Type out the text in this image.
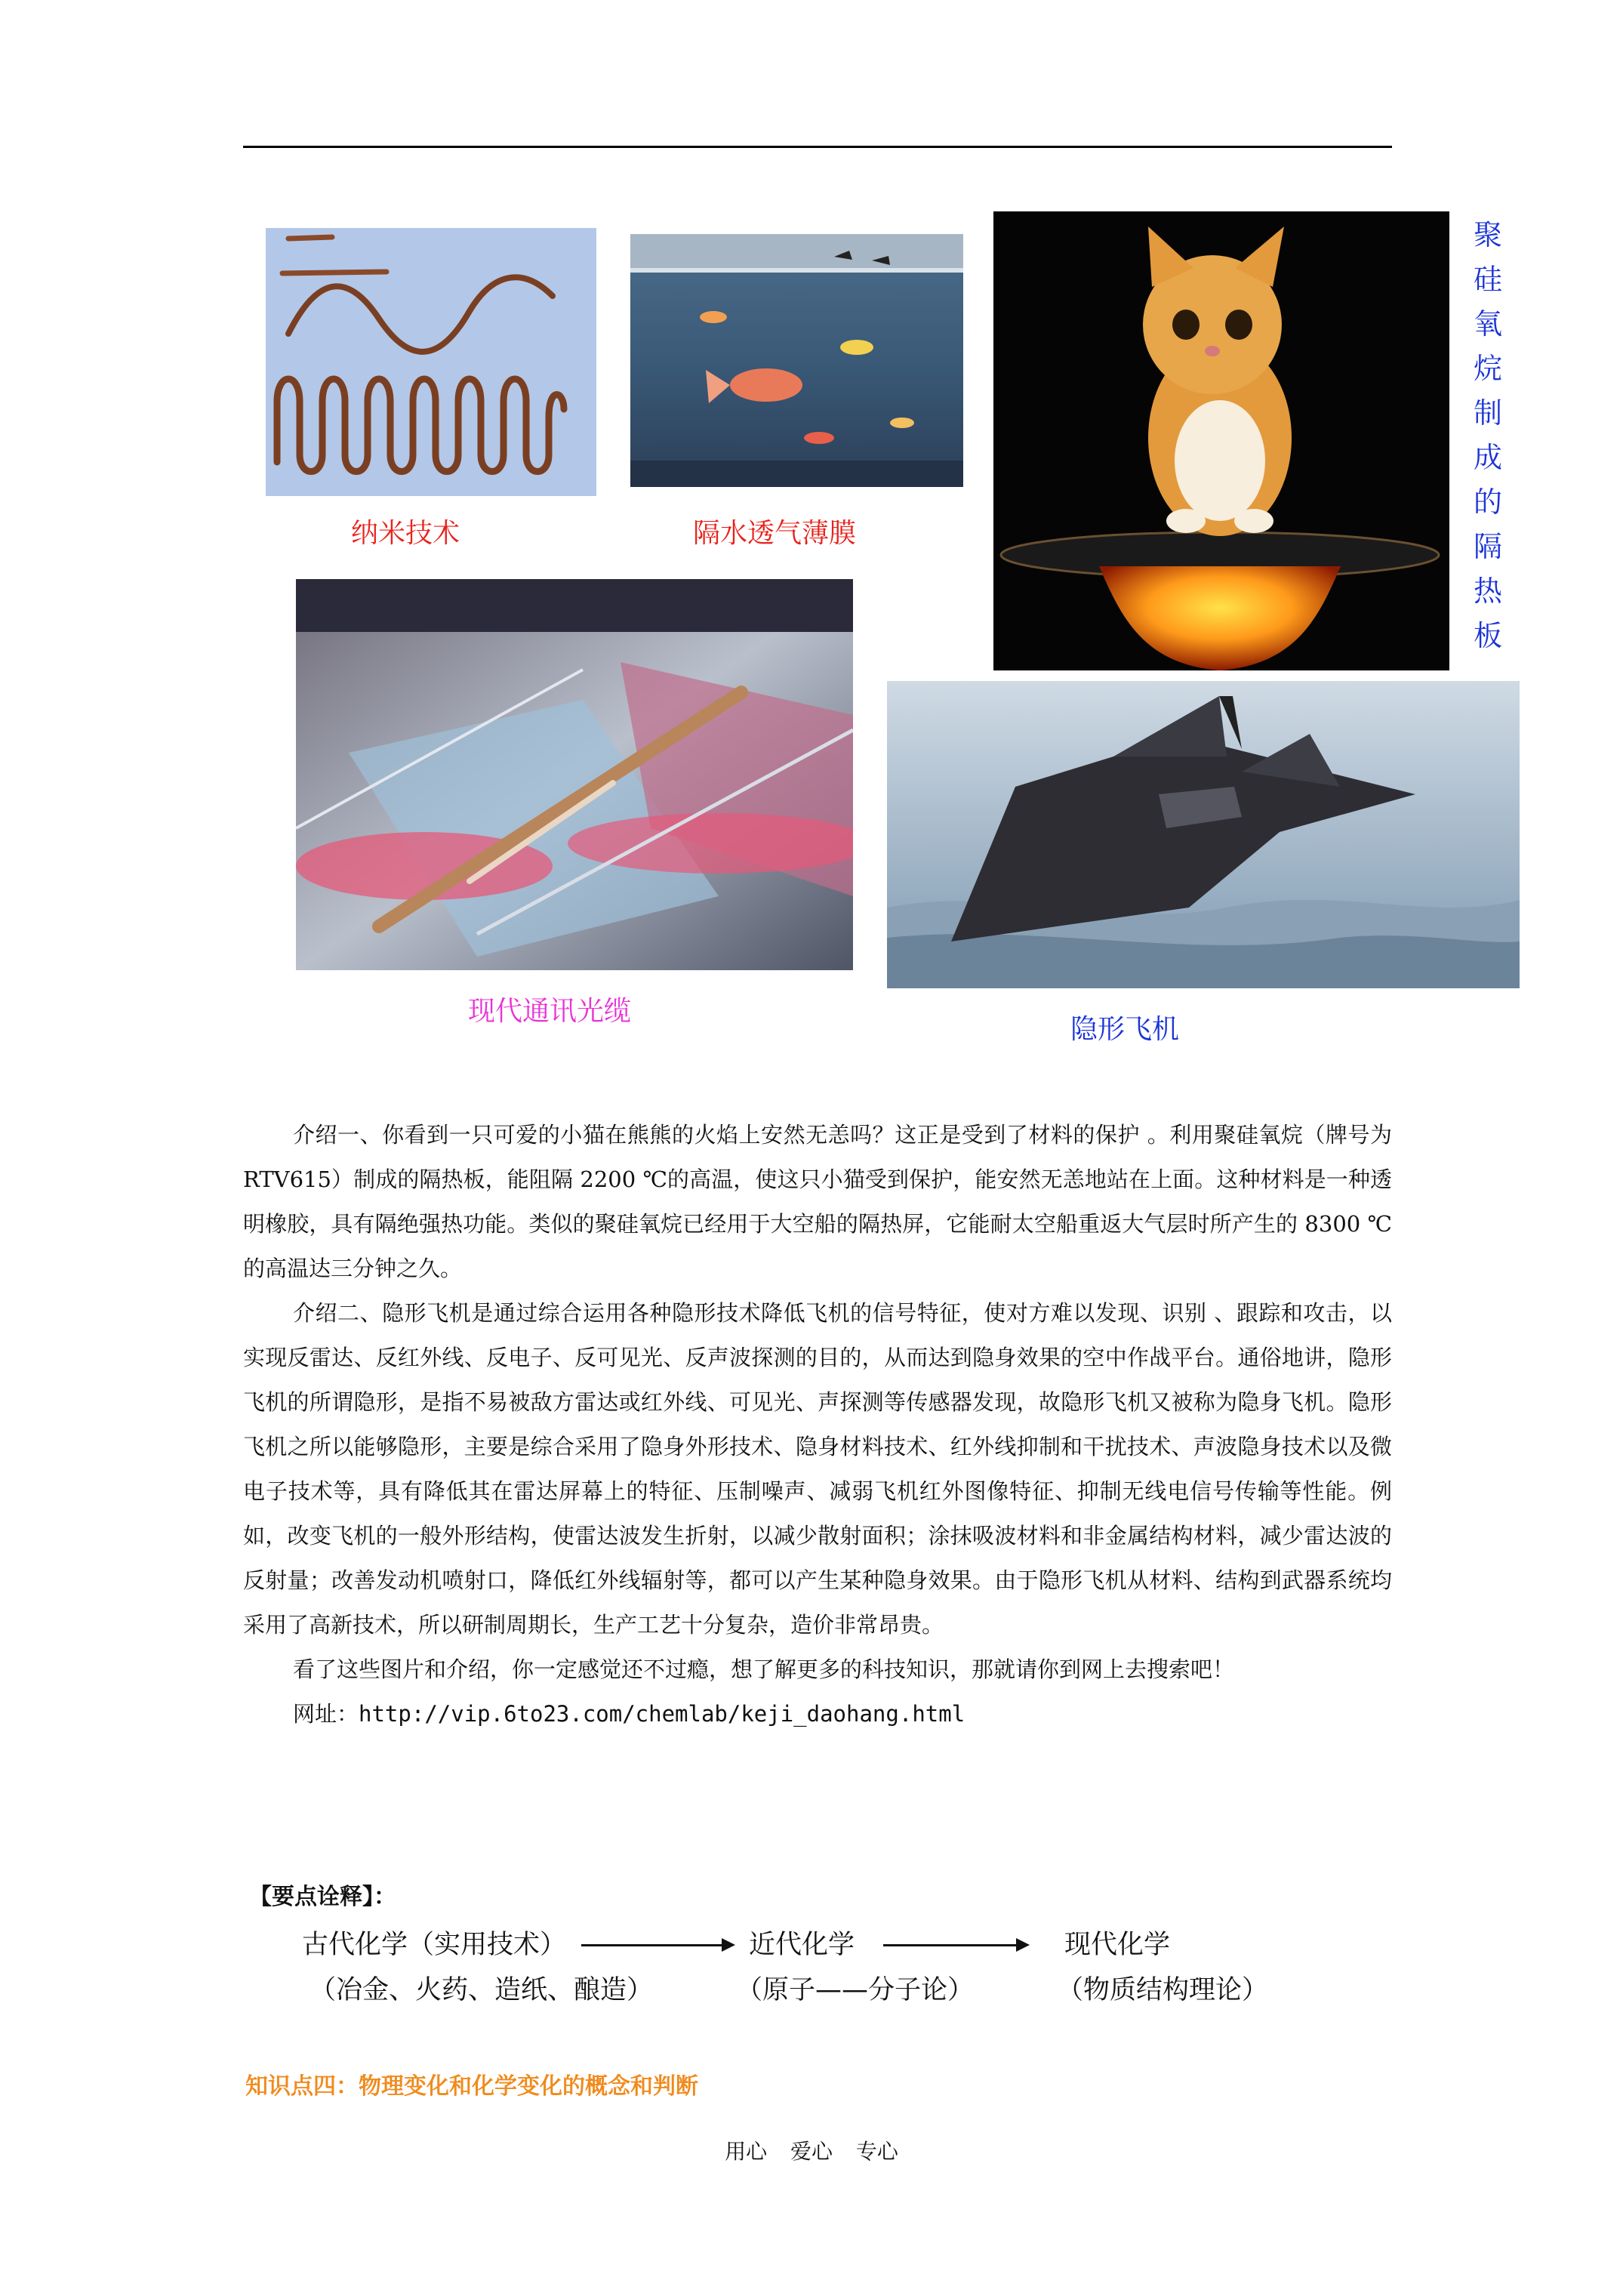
纳米技术	隔水透气薄膜
聚硅氧烷制成的隔热板
现代通讯光缆
隐形飞机

介绍一、你看到一只可爱的小猫在熊熊的火焰上安然无恙吗？这正是受到了材料的保护 。利用聚硅氧烷（牌号为 RTV615）制成的隔热板，能阻隔 2200 ℃的高温，使这只小猫受到保护，能安然无恙地站在上面。这种材料是一种透明橡胶，具有隔绝强热功能。类似的聚硅氧烷已经用于大空船的隔热屏，它能耐太空船重返大气层时所产生的 8300 ℃的高温达三分钟之久。

介绍二、隐形飞机是通过综合运用各种隐形技术降低飞机的信号特征，使对方难以发现、识别 、跟踪和攻击，以实现反雷达、反红外线、反电子、反可见光、反声波探测的目的，从而达到隐身效果的空中作战平台。通俗地讲，隐形飞机的所谓隐形，是指不易被敌方雷达或红外线、可见光、声探测等传感器发现，故隐形飞机又被称为隐身飞机。隐形飞机之所以能够隐形，主要是综合采用了隐身外形技术、隐身材料技术、红外线抑制和干扰技术、声波隐身技术以及微电子技术等，具有降低其在雷达屏幕上的特征、压制噪声、减弱飞机红外图像特征、抑制无线电信号传输等性能。例如，改变飞机的一般外形结构，使雷达波发生折射，以减少散射面积；涂抹吸波材料和非金属结构材料，减少雷达波的反射量；改善发动机喷射口，降低红外线辐射等，都可以产生某种隐身效果。由于隐形飞机从材料、结构到武器系统均采用了高新技术，所以研制周期长，生产工艺十分复杂，造价非常昂贵。

看了这些图片和介绍，你一定感觉还不过瘾，想了解更多的科技知识，那就请你到网上去搜索吧！

网址：http://vip.6to23.com/chemlab/keji_daohang.html

【要点诠释】：
古代化学（实用技术）	近代化学	现代化学
（冶金、火药、造纸、酿造）	（原子——分子论）	（物质结构理论）
知识点四：物理变化和化学变化的概念和判断
用心 爱心 专心
